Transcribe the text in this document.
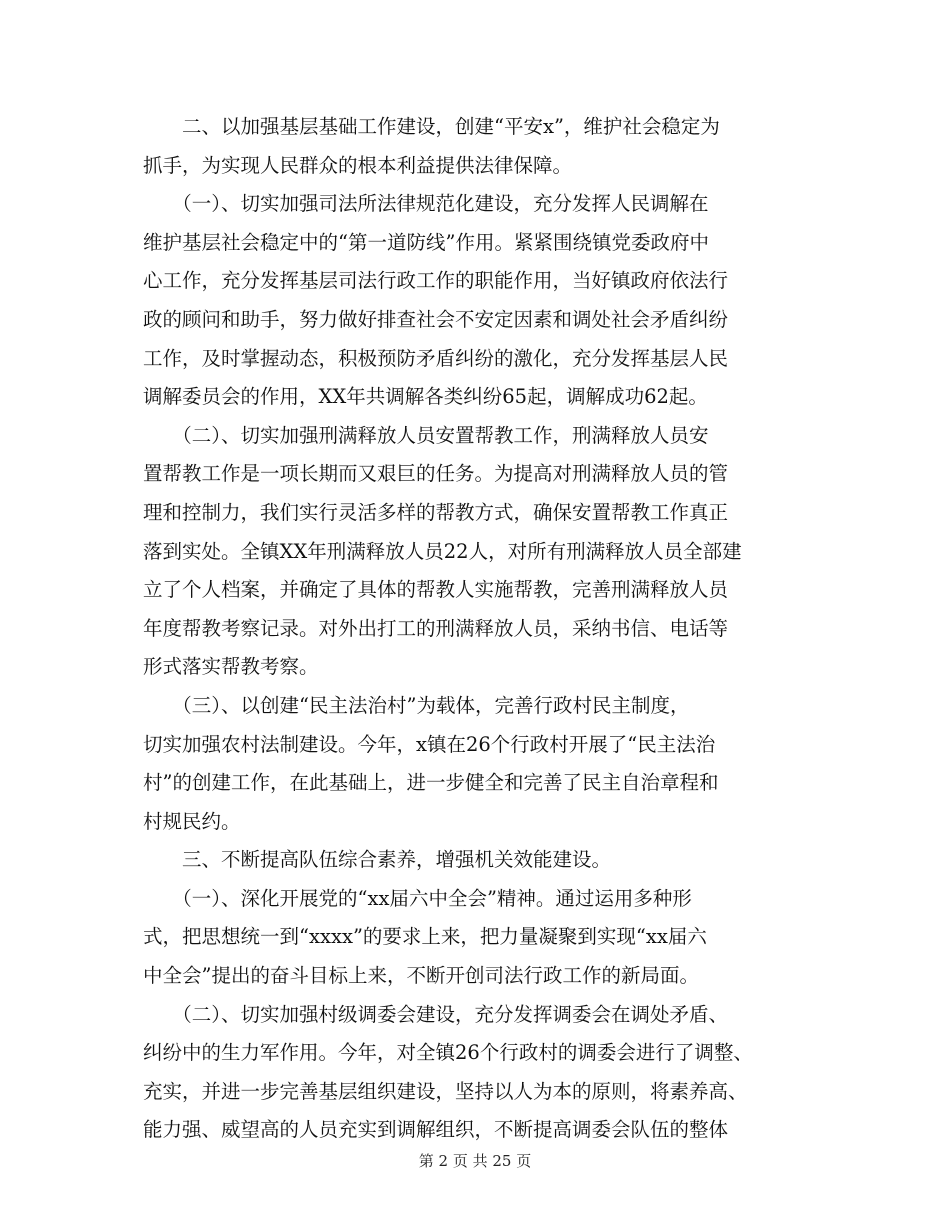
　　二、以加强基层基础工作建设，创建“平安x”，维护社会稳定为
抓手，为实现人民群众的根本利益提供法律保障。
　　（一）、切实加强司法所法律规范化建设，充分发挥人民调解在
维护基层社会稳定中的“第一道防线”作用。紧紧围绕镇党委政府中
心工作，充分发挥基层司法行政工作的职能作用，当好镇政府依法行
政的顾问和助手，努力做好排查社会不安定因素和调处社会矛盾纠纷
工作，及时掌握动态，积极预防矛盾纠纷的激化，充分发挥基层人民
调解委员会的作用，XX年共调解各类纠纷65起，调解成功62起。
　　（二）、切实加强刑满释放人员安置帮教工作，刑满释放人员安
置帮教工作是一项长期而又艰巨的任务。为提高对刑满释放人员的管
理和控制力，我们实行灵活多样的帮教方式，确保安置帮教工作真正
落到实处。全镇XX年刑满释放人员22人，对所有刑满释放人员全部建
立了个人档案，并确定了具体的帮教人实施帮教，完善刑满释放人员
年度帮教考察记录。对外出打工的刑满释放人员，采纳书信、电话等
形式落实帮教考察。
　　（三）、以创建“民主法治村”为载体，完善行政村民主制度，
切实加强农村法制建设。今年，x镇在26个行政村开展了“民主法治
村”的创建工作，在此基础上，进一步健全和完善了民主自治章程和
村规民约。
　　三、不断提高队伍综合素养，增强机关效能建设。
　　（一）、深化开展党的“xx届六中全会”精神。通过运用多种形
式，把思想统一到“xxxx”的要求上来，把力量凝聚到实现“xx届六
中全会”提出的奋斗目标上来，不断开创司法行政工作的新局面。
　　（二）、切实加强村级调委会建设，充分发挥调委会在调处矛盾、
纠纷中的生力军作用。今年，对全镇26个行政村的调委会进行了调整、
充实，并进一步完善基层组织建设，坚持以人为本的原则，将素养高、
能力强、威望高的人员充实到调解组织，不断提高调委会队伍的整体
第 2 页 共 25 页
